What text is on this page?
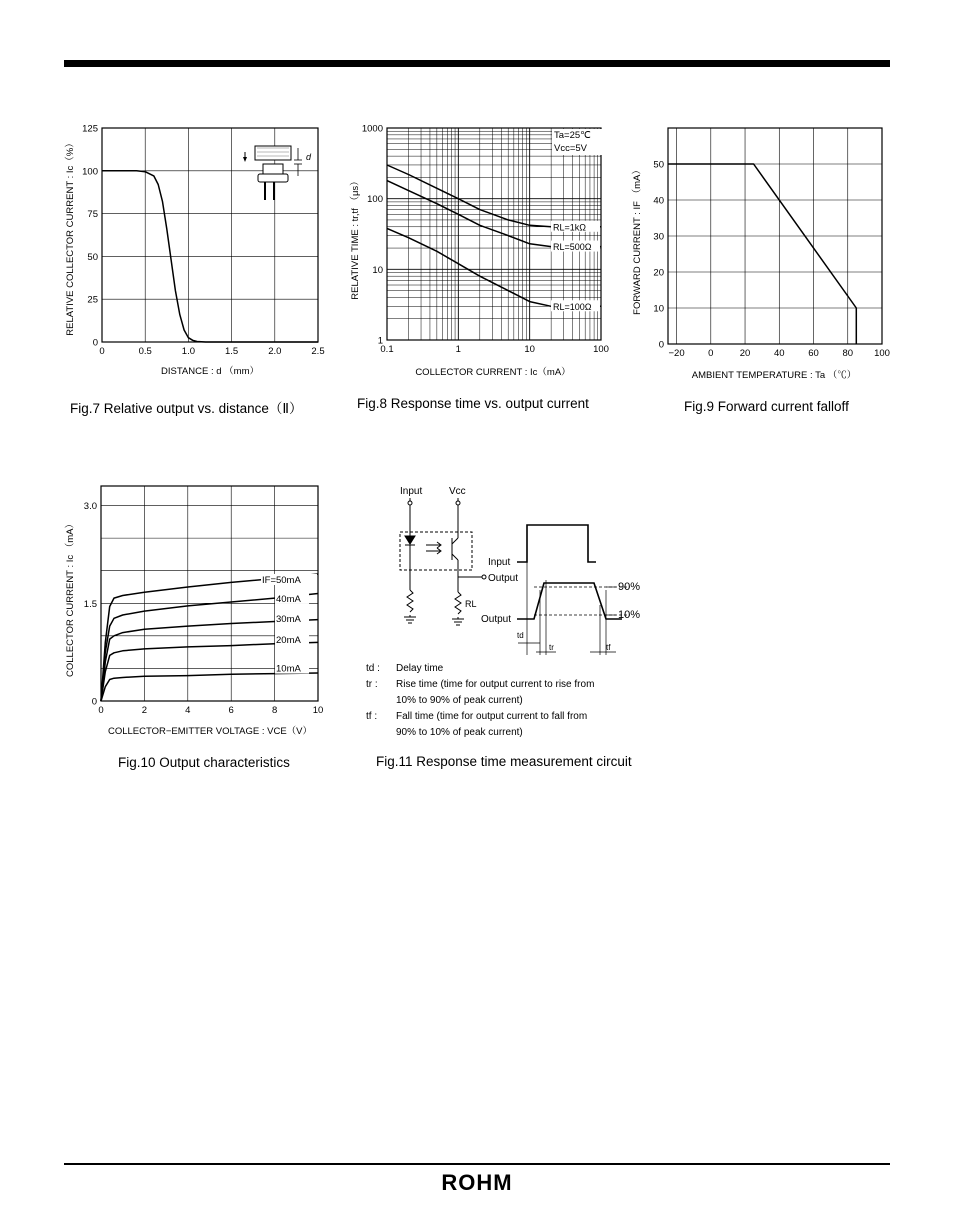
RELATIVE COLLECTOR CURRENT : Ic（%）
DISTANCE : d （mm）
0	0.5	1.0	1.5	2.0	2.5
0
25
50
75
100
125
d
Fig.7 Relative output vs. distance（Ⅱ）
RELATIVE TIME : tr,tf （μs）
COLLECTOR CURRENT : Ic（mA）
0.1	1	10	100
1
10
100
1000
Ta=25℃
Vcc=5V
RL=1kΩ
RL=500Ω
RL=100Ω
Fig.8 Response time vs. output current
FORWARD CURRENT : IF （mA）
AMBIENT TEMPERATURE : Ta （℃）
−20 0	20 40 60 80 100
0
10
20
30
40
50
Fig.9 Forward current falloff
COLLECTOR CURRENT : Ic （mA）
COLLECTOR−EMITTER VOLTAGE : VCE（V）
0	2	4	6	8	10
0
1.5
3.0
IF=50mA
40mA
30mA
20mA
10mA
Fig.10 Output characteristics
Input	Vcc
Output
RL
Input
Output
90%
10%
td
tr	tf
td : Delay time
tr : Rise time (time for output current to rise from
10% to 90% of peak current)
tf : Fall time (time for output current to fall from
90% to 10% of peak current)
Fig.11 Response time measurement circuit
ROHM
